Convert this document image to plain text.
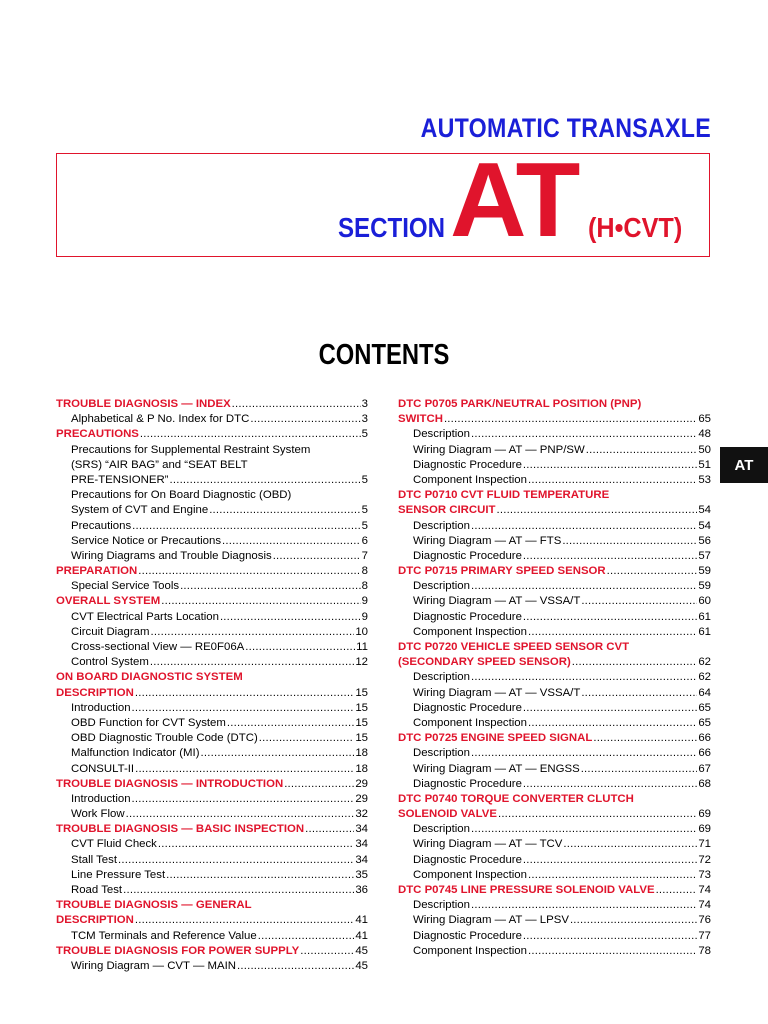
AUTOMATIC TRANSAXLE
SECTION AT (H•CVT)
CONTENTS
AT
TROUBLE DIAGNOSIS — INDEX .....	3
Alphabetical & P No. Index for DTC .....	3
PRECAUTIONS .....	5
Precautions for Supplemental Restraint System
(SRS) “AIR BAG” and “SEAT BELT
PRE-TENSIONER” .....	5
Precautions for On Board Diagnostic (OBD)
System of CVT and Engine .....	5
Precautions .....	5
Service Notice or Precautions .....	6
Wiring Diagrams and Trouble Diagnosis .....	7
PREPARATION .....	8
Special Service Tools .....	8
OVERALL SYSTEM .....	9
CVT Electrical Parts Location .....	9
Circuit Diagram .....	10
Cross-sectional View — RE0F06A .....	11
Control System .....	12
ON BOARD DIAGNOSTIC SYSTEM
DESCRIPTION .....	15
Introduction .....	15
OBD Function for CVT System .....	15
OBD Diagnostic Trouble Code (DTC) .....	15
Malfunction Indicator (MI) .....	18
CONSULT-II .....	18
TROUBLE DIAGNOSIS — INTRODUCTION .....	29
Introduction .....	29
Work Flow .....	32
TROUBLE DIAGNOSIS — BASIC INSPECTION .....	34
CVT Fluid Check .....	34
Stall Test .....	34
Line Pressure Test .....	35
Road Test .....	36
TROUBLE DIAGNOSIS — GENERAL
DESCRIPTION .....	41
TCM Terminals and Reference Value .....	41
TROUBLE DIAGNOSIS FOR POWER SUPPLY .....	45
Wiring Diagram — CVT — MAIN .....	45
DTC P0705 PARK/NEUTRAL POSITION (PNP)
SWITCH .....	65
Description .....	48
Wiring Diagram — AT — PNP/SW .....	50
Diagnostic Procedure .....	51
Component Inspection .....	53
DTC P0710 CVT FLUID TEMPERATURE
SENSOR CIRCUIT .....	54
Description .....	54
Wiring Diagram — AT — FTS .....	56
Diagnostic Procedure .....	57
DTC P0715 PRIMARY SPEED SENSOR .....	59
Description .....	59
Wiring Diagram — AT — VSSA/T .....	60
Diagnostic Procedure .....	61
Component Inspection .....	61
DTC P0720 VEHICLE SPEED SENSOR CVT
(SECONDARY SPEED SENSOR) .....	62
Description .....	62
Wiring Diagram — AT — VSSA/T .....	64
Diagnostic Procedure .....	65
Component Inspection .....	65
DTC P0725 ENGINE SPEED SIGNAL .....	66
Description .....	66
Wiring Diagram — AT — ENGSS .....	67
Diagnostic Procedure .....	68
DTC P0740 TORQUE CONVERTER CLUTCH
SOLENOID VALVE .....	69
Description .....	69
Wiring Diagram — AT — TCV .....	71
Diagnostic Procedure .....	72
Component Inspection .....	73
DTC P0745 LINE PRESSURE SOLENOID VALVE .....	74
Description .....	74
Wiring Diagram — AT — LPSV .....	76
Diagnostic Procedure .....	77
Component Inspection .....	78
